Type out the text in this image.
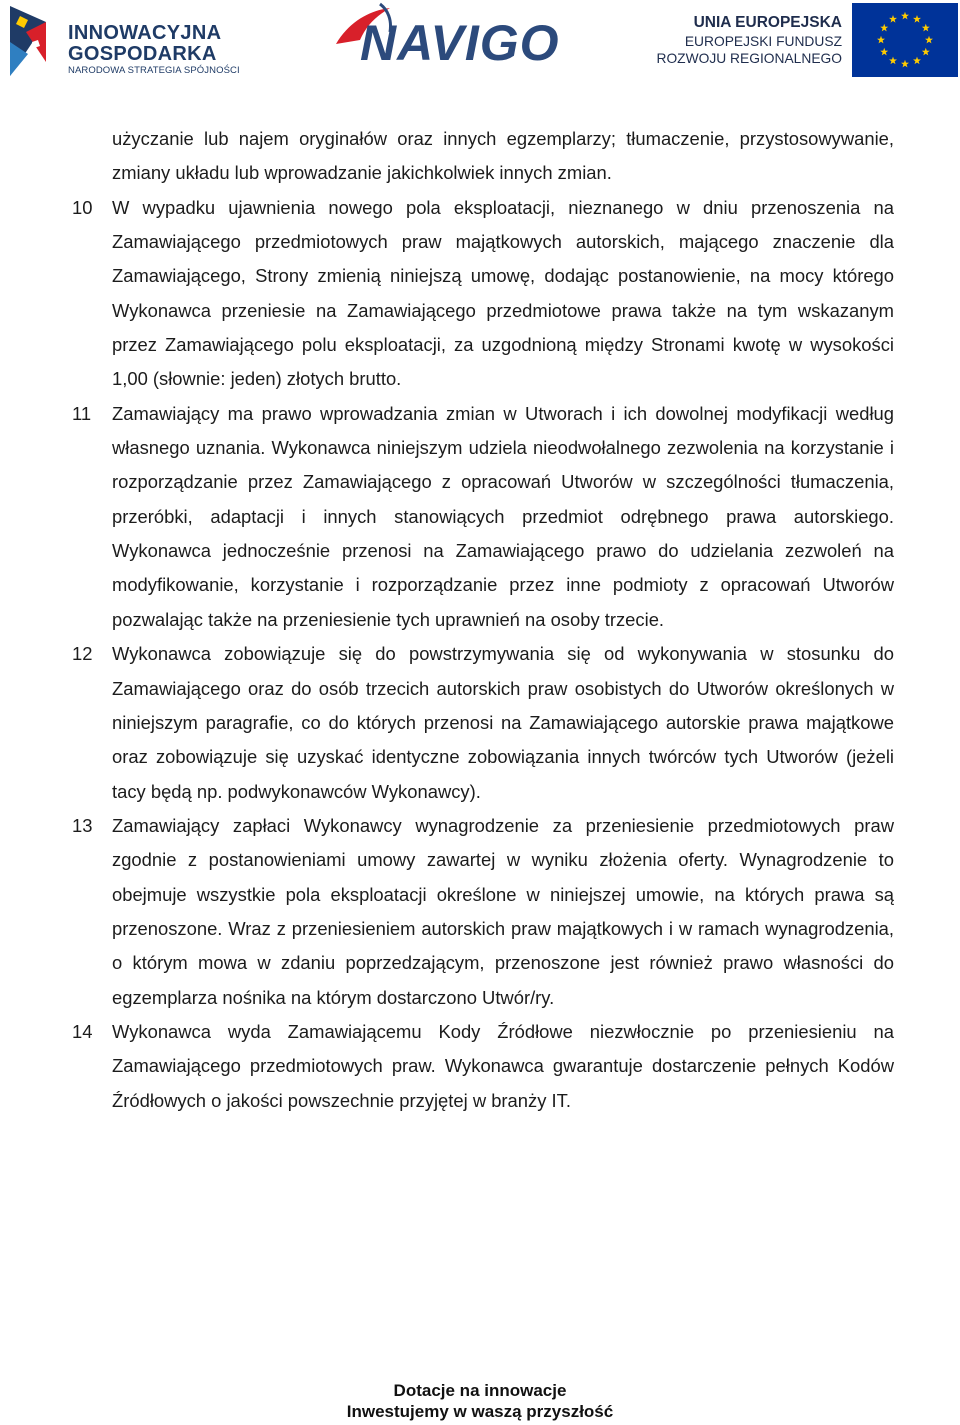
INNOWACYJNA
GOSPODARKA
NARODOWA STRATEGIA SPÓJNOŚCI NAVIGO	UNIA EUROPEJSKA
EUROPEJSKI FUNDUSZ
ROZWOJU REGIONALNEGO
użyczanie lub najem oryginałów oraz innych egzemplarzy; tłumaczenie, przystosowywanie, zmiany układu lub wprowadzanie jakichkolwiek innych zmian.
10 W wypadku ujawnienia nowego pola eksploatacji, nieznanego w dniu przenoszenia na Zamawiającego przedmiotowych praw majątkowych autorskich, mającego znaczenie dla Zamawiającego, Strony zmienią niniejszą umowę, dodając postanowienie, na mocy którego Wykonawca przeniesie na Zamawiającego przedmiotowe prawa także na tym wskazanym przez Zamawiającego polu eksploatacji, za uzgodnioną między Stronami kwotę w wysokości 1,00 (słownie: jeden) złotych brutto.
11 Zamawiający ma prawo wprowadzania zmian w Utworach i ich dowolnej modyfikacji według własnego uznania. Wykonawca niniejszym udziela nieodwołalnego zezwolenia na korzystanie i rozporządzanie przez Zamawiającego z opracowań Utworów w szczególności tłumaczenia, przeróbki, adaptacji i innych stanowiących przedmiot odrębnego prawa autorskiego. Wykonawca jednocześnie przenosi na Zamawiającego prawo do udzielania zezwoleń na modyfikowanie, korzystanie i rozporządzanie przez inne podmioty z opracowań Utworów pozwalając także na przeniesienie tych uprawnień na osoby trzecie.
12 Wykonawca zobowiązuje się do powstrzymywania się od wykonywania w stosunku do Zamawiającego oraz do osób trzecich autorskich praw osobistych do Utworów określonych w niniejszym paragrafie, co do których przenosi na Zamawiającego autorskie prawa majątkowe oraz zobowiązuje się uzyskać identyczne zobowiązania innych twórców tych Utworów (jeżeli tacy będą np. podwykonawców Wykonawcy).
13 Zamawiający zapłaci Wykonawcy wynagrodzenie za przeniesienie przedmiotowych praw zgodnie z postanowieniami umowy zawartej w wyniku złożenia oferty. Wynagrodzenie to obejmuje wszystkie pola eksploatacji określone w niniejszej umowie, na których prawa są przenoszone. Wraz z przeniesieniem autorskich praw majątkowych i w ramach wynagrodzenia, o którym mowa w zdaniu poprzedzającym, przenoszone jest również prawo własności do egzemplarza nośnika na którym dostarczono Utwór/ry.
14 Wykonawca wyda Zamawiającemu Kody Źródłowe niezwłocznie po przeniesieniu na Zamawiającego przedmiotowych praw. Wykonawca gwarantuje dostarczenie pełnych Kodów Źródłowych o jakości powszechnie przyjętej w branży IT.
Dotacje na innowacje
Inwestujemy w waszą przyszłość
